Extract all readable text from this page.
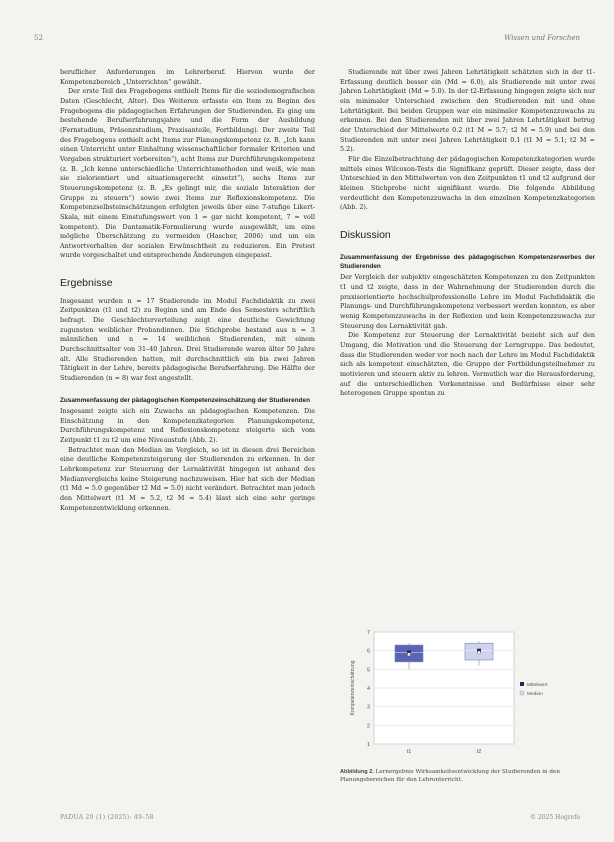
52	Wissen und Forschen

beruflicher Anforderungen im Lehrerberuf. Hiervon wurde der Kompetenzbereich „Unterrichten“ gewählt.

Der erste Teil des Fragebogens enthielt Items für die soziodemografischen Daten (Geschlecht, Alter). Des Weiteren erfasste ein Item zu Beginn des Fragebogens die pädagogischen Erfahrungen der Studierenden. Es ging um bestehende Berufserfahrungsjahre und die Form der Ausbildung (Fernstudium, Präsenzstudium, Praxisanteile, Fortbildung). Der zweite Teil des Fragebogens enthielt acht Items zur Planungskompetenz (z. B. „Ich kann einen Unterricht unter Einhaltung wissenschaftlicher formaler Kriterien und Vorgaben strukturiert vorbereiten“), acht Items zur Durchführungskompetenz (z. B. „Ich kenne unterschiedliche Unterrichtsmethoden und weiß, wie man sie zielorientiert und situationsgerecht einsetzt“), sechs Items zur Steuerungskompetenz (z. B. „Es gelingt mir, die soziale Interaktion der Gruppe zu steuern“) sowie zwei Items zur Reflexionskompetenz. Die Kompetenzselbsteinschätzungen erfolgten jeweils über eine 7-stufige Likert-Skala, mit einem Einstufungswert von 1 = gar nicht kompetent, 7 = voll kompetent). Die Dantamatik-Formulierung wurde ausgewählt, um eine mögliche Überschätzung zu vermeiden (Hascher, 2006) und um ein Antwortverhalten der sozialen Erwünschtheit zu reduzieren. Ein Pretest wurde vorgeschaltet und entsprechende Änderungen eingepasst.

Ergebnisse

Insgesamt wurden n = 17 Studierende im Modul Fachdidaktik zu zwei Zeitpunkten (t1 und t2) zu Beginn und am Ende des Semesters schriftlich befragt. Die Geschlechterverteilung zeigt eine deutliche Gewichtung zugunsten weiblicher Probandinnen. Die Stichprobe bestand aus n = 3 männlichen und n = 14 weiblichen Studierenden, mit einem Durchschnittsalter von 31–40 Jahren. Drei Studierende waren älter 50 Jahre alt. Alle Studierenden hatten, mit durchschnittlich ein bis zwei Jahren Tätigkeit in der Lehre, bereits pädagogische Berufserfahrung. Die Hälfte der Studierenden (n = 8) war fest angestellt.

Zusammenfassung der pädagogischen Kompetenzeinschätzung der Studierenden

Insgesamt zeigte sich ein Zuwachs an pädagogischen Kompetenzen. Die Einschätzung in den Kompetenzkategorien Planungskompetenz, Durchführungskompetenz und Reflexionskompetenz steigerte sich vom Zeitpunkt t1 zu t2 um eine Niveaustufe (Abb. 2).

Betrachtet man den Median im Vergleich, so ist in diesen drei Bereichen eine deutliche Kompetenzsteigerung der Studierenden zu erkennen. In der Lehrkompetenz zur Steuerung der Lernaktivität hingegen ist anhand des Medianvergleichs keine Steigerung nachzuweisen. Hier hat sich der Median (t1 Md = 5.0 gegenüber t2 Md = 5.0) nicht verändert. Betrachtet man jedoch den Mittelwert (t1 M = 5.2, t2 M = 5.4) lässt sich eine sehr geringe Kompetenzentwicklung erkennen.

Studierende mit über zwei Jahren Lehrtätigkeit schätzten sich in der t1-Erfassung deutlich besser ein (Md = 6.0), als Studierende mit unter zwei Jahren Lehrtätigkeit (Md = 5.0). In der t2-Erfassung hingegen zeigte sich nur ein minimaler Unterschied zwischen den Studierenden mit und ohne Lehrtätigkeit. Bei beiden Gruppen war ein minimaler Kompetenzzuwachs zu erkennen. Bei den Studierenden mit über zwei Jahren Lehrtätigkeit betrug der Unterschied der Mittelwerte 0.2 (t1 M = 5.7; t2 M = 5.9) und bei den Studierenden mit unter zwei Jahren Lehrtätigkeit 0.1 (t1 M = 5.1; t2 M = 5.2).

Für die Einzelbetrachtung der pädagogischen Kompetenzkategorien wurde mittels eines Wilcoxon-Tests die Signifikanz geprüft. Dieser zeigte, dass der Unterschied in den Mittelwerten von den Zeitpunkten t1 und t2 aufgrund der kleinen Stichprobe nicht signifikant wurde. Die folgende Abbildung verdeutlicht den Kompetenzzuwachs in den einzelnen Kompetenzkategorien (Abb. 2).

Diskussion
Zusammenfassung der Ergebnisse des pädagogischen Kompetenzerwerbes der Studierenden

Der Vergleich der subjektiv eingeschätzten Kompetenzen zu den Zeitpunkten t1 und t2 zeigte, dass in der Wahrnehmung der Studierenden durch die praxisorientierte hochschulprofessionelle Lehre im Modul Fachdidaktik die Planungs- und Durchführungskompetenz verbessert werden konnten, es aber wenig Kompetenzzuwachs in der Reflexion und kein Kompetenzzuwachs zur Steuerung des Lernaktivität gab.

Die Kompetenz zur Steuerung der Lernaktivität bezieht sich auf den Umgang, die Motivation und die Steuerung der Lerngruppe. Das bedeutet, dass die Studierenden weder vor noch nach der Lehre im Modul Fachdidaktik sich als kompetent einschätzten, die Gruppe der Fortbildungsteilnehmer zu motivieren und steuern aktiv zu lehren. Vermutlich war die Herausforderung, auf die unterschiedlichen Vorkenntnisse und Bedürfnisse einer sehr heterogenen Gruppe spontan zu

1
2
3
4
5
6
7
Kompetenzeinschätzung
t1	t2
Mittelwert
Median
Abbildung 2. Lernergebnis Wirksamkeitsentwicklung der Studierenden in den Planungsbereichen für den Lehrunterricht.
PADUA 20 (1) (2025): 49–58	© 2025 Hogrefe
